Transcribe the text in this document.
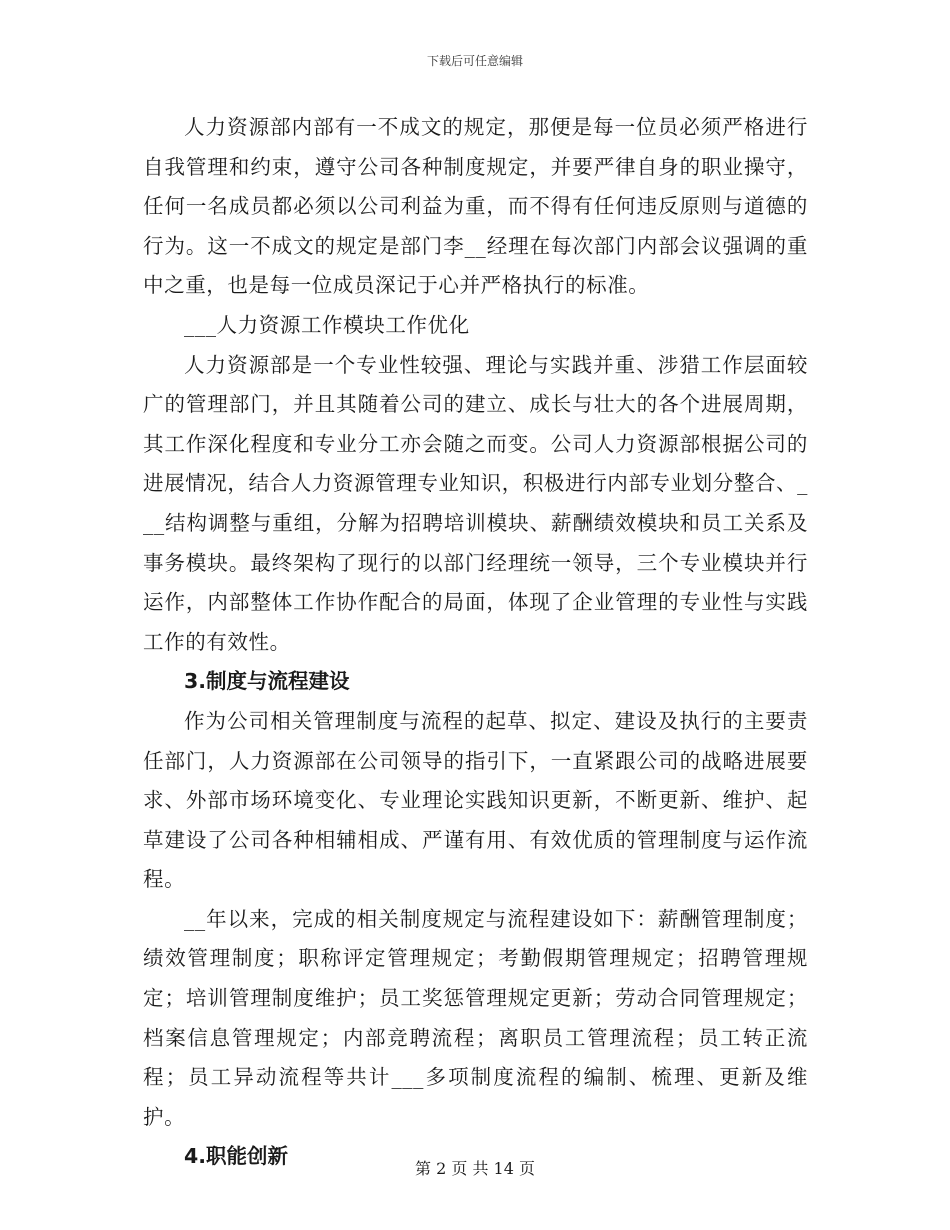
下载后可任意编辑

人力资源部内部有一不成文的规定，那便是每一位员必须严格进行自我管理和约束，遵守公司各种制度规定，并要严律自身的职业操守，任何一名成员都必须以公司利益为重，而不得有任何违反原则与道德的行为。这一不成文的规定是部门李__经理在每次部门内部会议强调的重中之重，也是每一位成员深记于心并严格执行的标准。

___人力资源工作模块工作优化

人力资源部是一个专业性较强、理论与实践并重、涉猎工作层面较广的管理部门，并且其随着公司的建立、成长与壮大的各个进展周期，其工作深化程度和专业分工亦会随之而变。公司人力资源部根据公司的进展情况，结合人力资源管理专业知识，积极进行内部专业划分整合、___结构调整与重组，分解为招聘培训模块、薪酬绩效模块和员工关系及事务模块。最终架构了现行的以部门经理统一领导，三个专业模块并行运作，内部整体工作协作配合的局面，体现了企业管理的专业性与实践工作的有效性。

3.制度与流程建设

作为公司相关管理制度与流程的起草、拟定、建设及执行的主要责任部门，人力资源部在公司领导的指引下，一直紧跟公司的战略进展要求、外部市场环境变化、专业理论实践知识更新，不断更新、维护、起草建设了公司各种相辅相成、严谨有用、有效优质的管理制度与运作流程。

__年以来，完成的相关制度规定与流程建设如下：薪酬管理制度；绩效管理制度；职称评定管理规定；考勤假期管理规定；招聘管理规定；培训管理制度维护；员工奖惩管理规定更新；劳动合同管理规定；档案信息管理规定；内部竞聘流程；离职员工管理流程；员工转正流程；员工异动流程等共计___多项制度流程的编制、梳理、更新及维护。

4.职能创新

第 2 页 共 14 页
